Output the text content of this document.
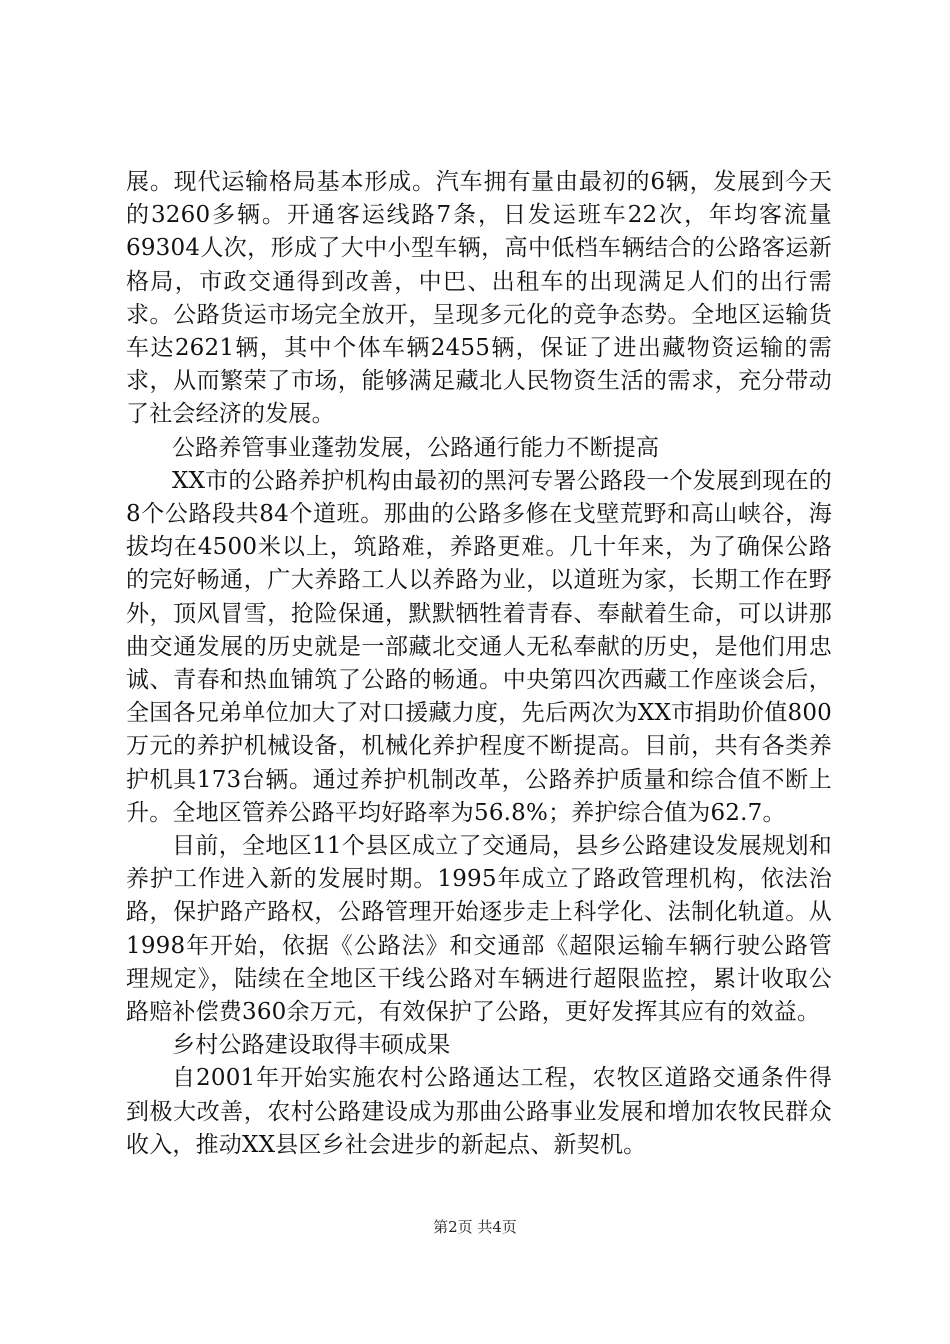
展。现代运输格局基本形成。汽车拥有量由最初的6辆，发展到今天的3260多辆。开通客运线路7条，日发运班车22次，年均客流量69304人次，形成了大中小型车辆，高中低档车辆结合的公路客运新格局，市政交通得到改善，中巴、出租车的出现满足人们的出行需求。公路货运市场完全放开，呈现多元化的竞争态势。全地区运输货车达2621辆，其中个体车辆2455辆，保证了进出藏物资运输的需求，从而繁荣了市场，能够满足藏北人民物资生活的需求，充分带动了社会经济的发展。

公路养管事业蓬勃发展，公路通行能力不断提高

XX市的公路养护机构由最初的黑河专署公路段一个发展到现在的8个公路段共84个道班。那曲的公路多修在戈壁荒野和高山峡谷，海拔均在4500米以上，筑路难，养路更难。几十年来，为了确保公路的完好畅通，广大养路工人以养路为业，以道班为家，长期工作在野外，顶风冒雪，抢险保通，默默牺牲着青春、奉献着生命，可以讲那曲交通发展的历史就是一部藏北交通人无私奉献的历史，是他们用忠诚、青春和热血铺筑了公路的畅通。中央第四次西藏工作座谈会后，全国各兄弟单位加大了对口援藏力度，先后两次为XX市捐助价值800万元的养护机械设备，机械化养护程度不断提高。目前，共有各类养护机具173台辆。通过养护机制改革，公路养护质量和综合值不断上升。全地区管养公路平均好路率为56.8%；养护综合值为62.7。

目前，全地区11个县区成立了交通局，县乡公路建设发展规划和养护工作进入新的发展时期。1995年成立了路政管理机构，依法治路，保护路产路权，公路管理开始逐步走上科学化、法制化轨道。从1998年开始，依据《公路法》和交通部《超限运输车辆行驶公路管理规定》，陆续在全地区干线公路对车辆进行超限监控，累计收取公路赔补偿费360余万元，有效保护了公路，更好发挥其应有的效益。

乡村公路建设取得丰硕成果

自2001年开始实施农村公路通达工程，农牧区道路交通条件得到极大改善，农村公路建设成为那曲公路事业发展和增加农牧民群众收入，推动XX县区乡社会进步的新起点、新契机。

第2页 共4页
